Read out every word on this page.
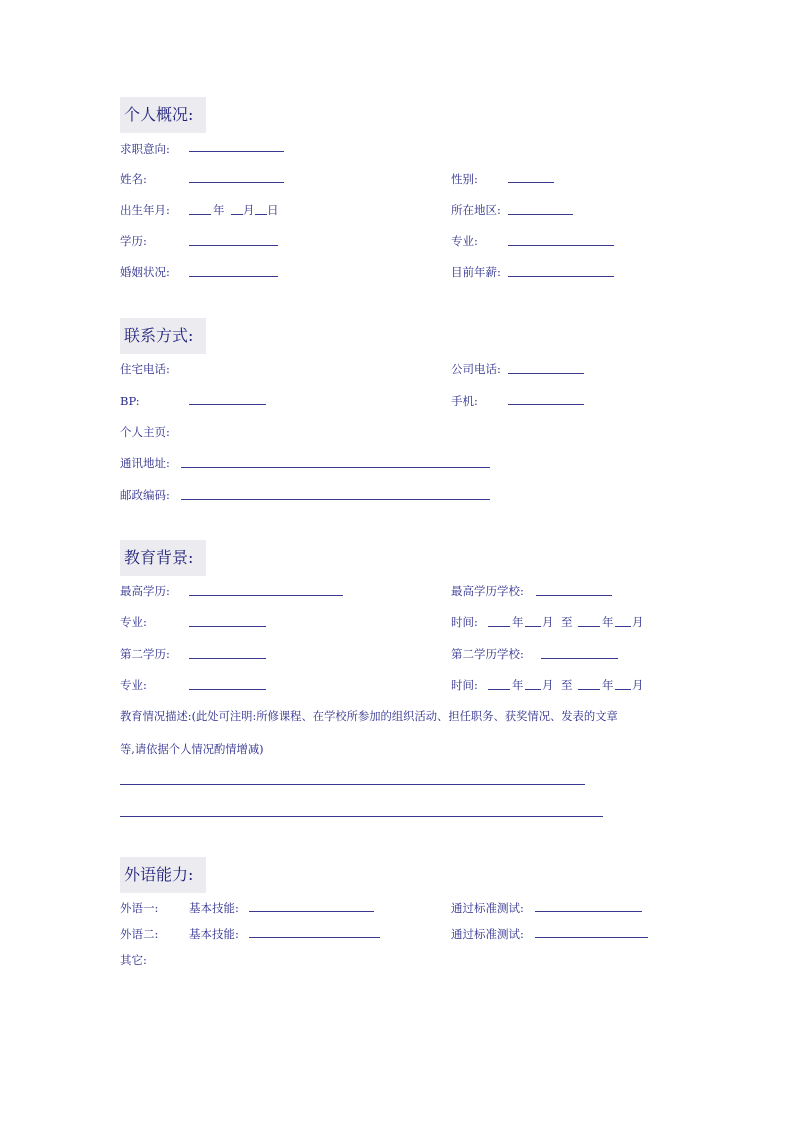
个人概况:
求职意向:
姓名:	性别:
出生年月:	年 月 日	所在地区:
学历:	专业:
婚姻状况:	目前年薪:
联系方式:
住宅电话:	公司电话:
BP:	手机:
个人主页:
通讯地址:
邮政编码:
教育背景:
最高学历:	最高学历学校:
专业:	时间:	年 月 至	年 月
第二学历:	第二学历学校:
专业:	时间:	年 月 至	年 月
教育情况描述:(此处可注明:所修课程、在学校所参加的组织活动、担任职务、获奖情况、发表的文章
等,请依据个人情况酌情增减)
外语能力:
外语一:	基本技能:	通过标准测试:
外语二:	基本技能:	通过标准测试:
其它:
